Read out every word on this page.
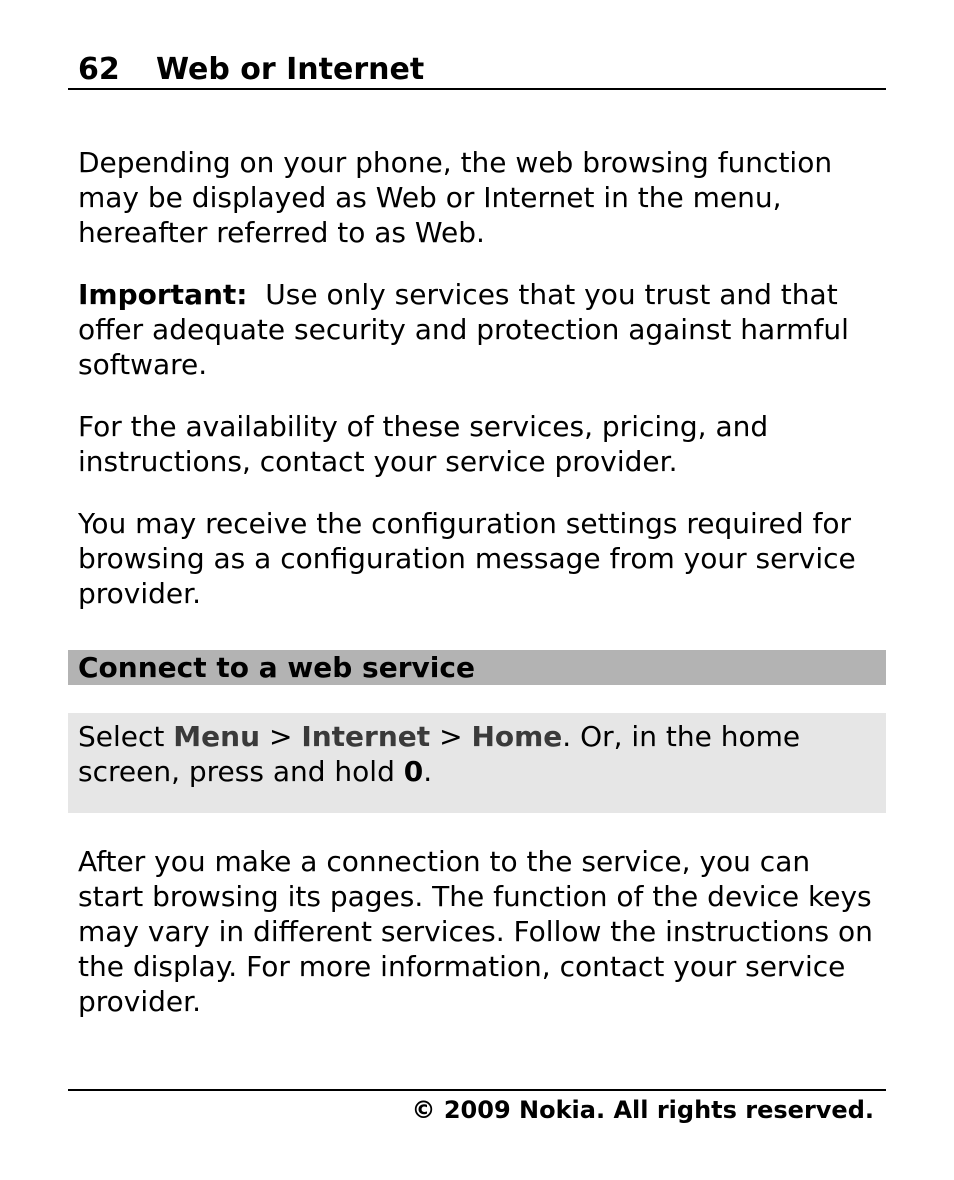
62 Web or Internet

Depending on your phone, the web browsing function may be displayed as Web or Internet in the menu, hereafter referred to as Web.

Important: Use only services that you trust and that offer adequate security and protection against harmful software.

For the availability of these services, pricing, and instructions, contact your service provider.

You may receive the configuration settings required for browsing as a configuration message from your service provider.

Connect to a web service
Select Menu > Internet > Home. Or, in the home screen, press and hold 0.

After you make a connection to the service, you can start browsing its pages. The function of the device keys may vary in different services. Follow the instructions on the display. For more information, contact your service provider.

© 2009 Nokia. All rights reserved.
